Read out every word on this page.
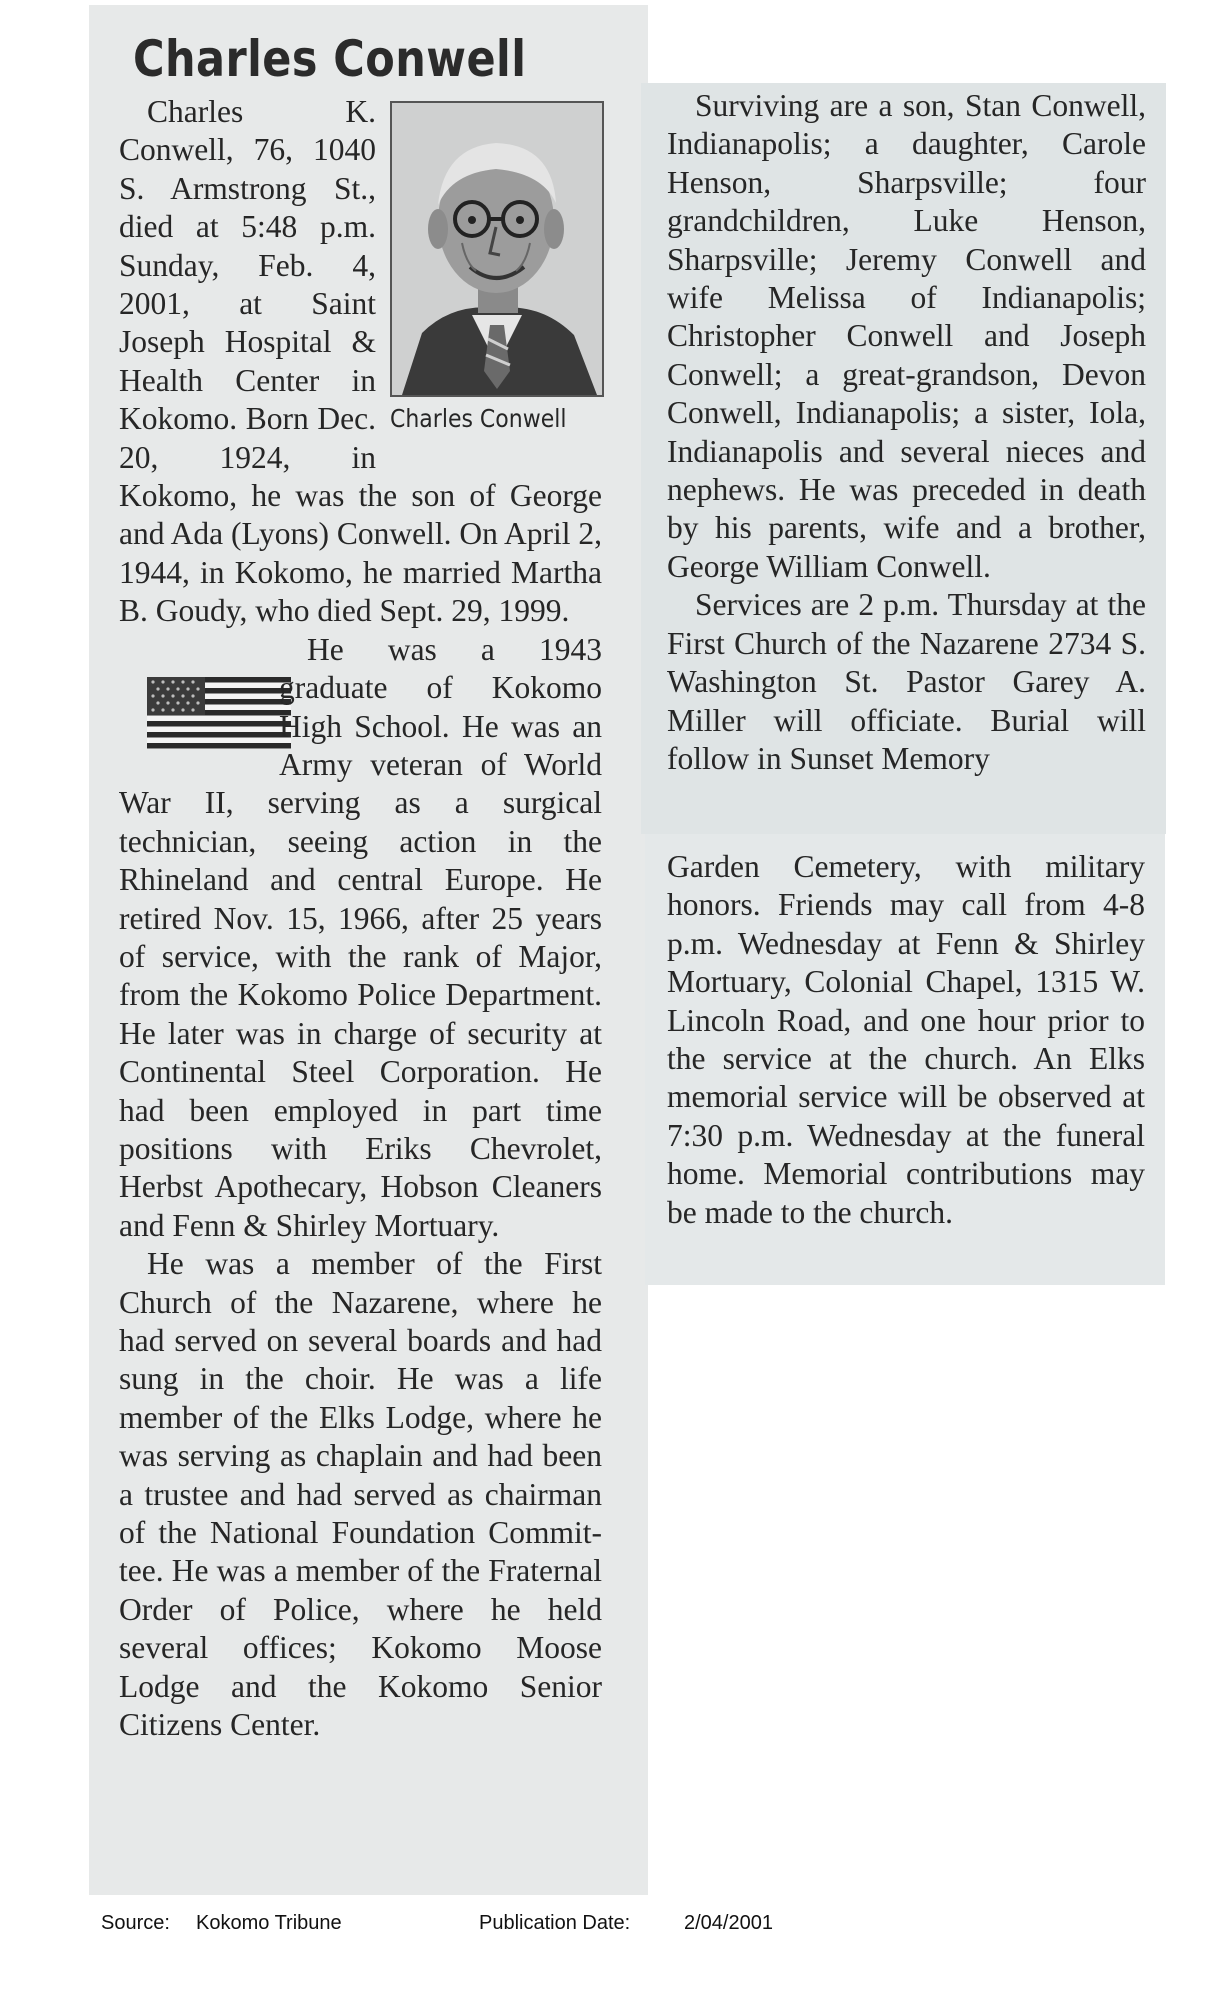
Charles Conwell
Charles Conwell

Charles K. Conwell, 76, 1040 S. Armstrong St., died at 5:48 p.m. Sunday, Feb. 4, 2001, at Saint Joseph Hospital & Health Center in Kokomo. Born Dec. 20, 1924, in Kokomo, he was the son of George and Ada (Lyons) Conwell. On April 2, 1944, in Kokomo, he married Martha B. Goudy, who died Sept. 29, 1999.

He was a 1943 graduate of Kokomo High School. He was an Army veteran of World War II, serving as a surgical technician, seeing action in the Rhineland and central Europe. He retired Nov. 15, 1966, after 25 years of service, with the rank of Major, from the Kokomo Police Department. He later was in charge of security at Continental Steel Corporation. He had been employed in part time positions with Eriks Chevrolet, Herbst Apothecary, Hobson Cleaners and Fenn & Shirley Mortuary.

He was a member of the First Church of the Nazarene, where he had served on several boards and had sung in the choir. He was a life member of the Elks Lodge, where he was serving as chaplain and had been a trustee and had served as chairman of the National Foundation Committee. He was a member of the Fraternal Order of Police, where he held several offices; Kokomo Moose Lodge and the Kokomo Senior Citizens Center.

Surviving are a son, Stan Conwell, Indianapolis; a daughter, Carole Henson, Sharpsville; four grandchildren, Luke Henson, Sharpsville; Jeremy Conwell and wife Melissa of Indianapolis; Christopher Conwell and Joseph Conwell; a great-grandson, Devon Conwell, Indianapolis; a sister, Iola, Indianapolis and several nieces and nephews. He was preceded in death by his parents, wife and a brother, George William Conwell.

Services are 2 p.m. Thursday at the First Church of the Nazarene 2734 S. Washington St. Pastor Garey A. Miller will officiate. Burial will follow in Sunset Memory

Garden Cemetery, with military honors. Friends may call from 4-8 p.m. Wednesday at Fenn & Shirley Mortuary, Colonial Chapel, 1315 W. Lincoln Road, and one hour prior to the service at the church. An Elks memorial service will be observed at 7:30 p.m. Wednesday at the funeral home. Memorial contributions may be made to the church.

Source: Kokomo Tribune	Publication Date:	2/04/2001
